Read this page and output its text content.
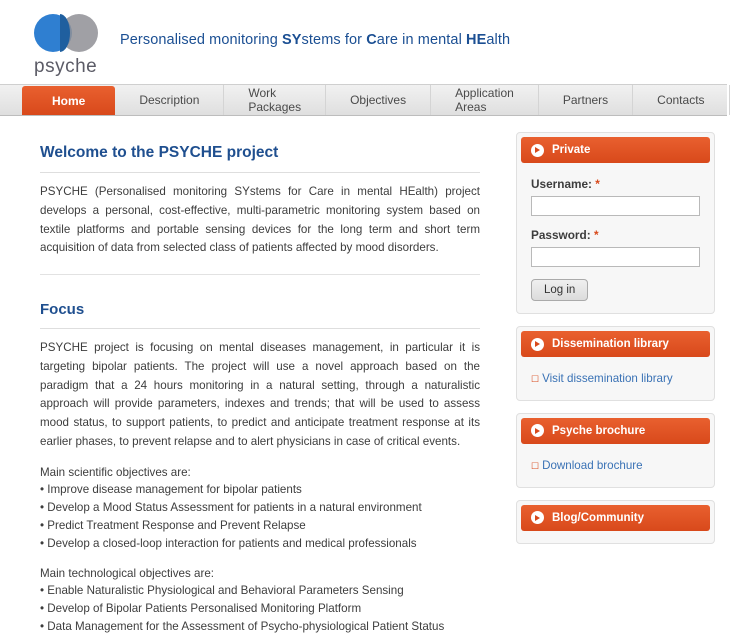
psyche
Personalised monitoring SYstems for Care in mental HEalth
Home	Description	Work Packages	Objectives	Application Areas	Partners	Contacts
Welcome to the PSYCHE project

PSYCHE (Personalised monitoring SYstems for Care in mental HEalth) project develops a personal, cost-effective, multi-parametric monitoring system based on textile platforms and portable sensing devices for the long term and short term acquisition of data from selected class of patients affected by mood disorders.

Focus

PSYCHE project is focusing on mental diseases management, in particular it is targeting bipolar patients. The project will use a novel approach based on the paradigm that a 24 hours monitoring in a natural setting, through a naturalistic approach will provide parameters, indexes and trends; that will be used to assess mood status, to support patients, to predict and anticipate treatment response at its earlier phases, to prevent relapse and to alert physicians in case of critical events.

Main scientific objectives are:
• Improve disease management for bipolar patients
• Develop a Mood Status Assessment for patients in a natural environment
• Predict Treatment Response and Prevent Relapse
• Develop a closed-loop interaction for patients and medical professionals
Main technological objectives are:
• Enable Naturalistic Physiological and Behavioral Parameters Sensing
• Develop of Bipolar Patients Personalised Monitoring Platform
• Data Management for the Assessment of Psycho-physiological Patient Status
Private
Username: *
Password: *
Log in
Dissemination library
☐ Visit dissemination library
Psyche brochure
☐ Download brochure
Blog/Community
